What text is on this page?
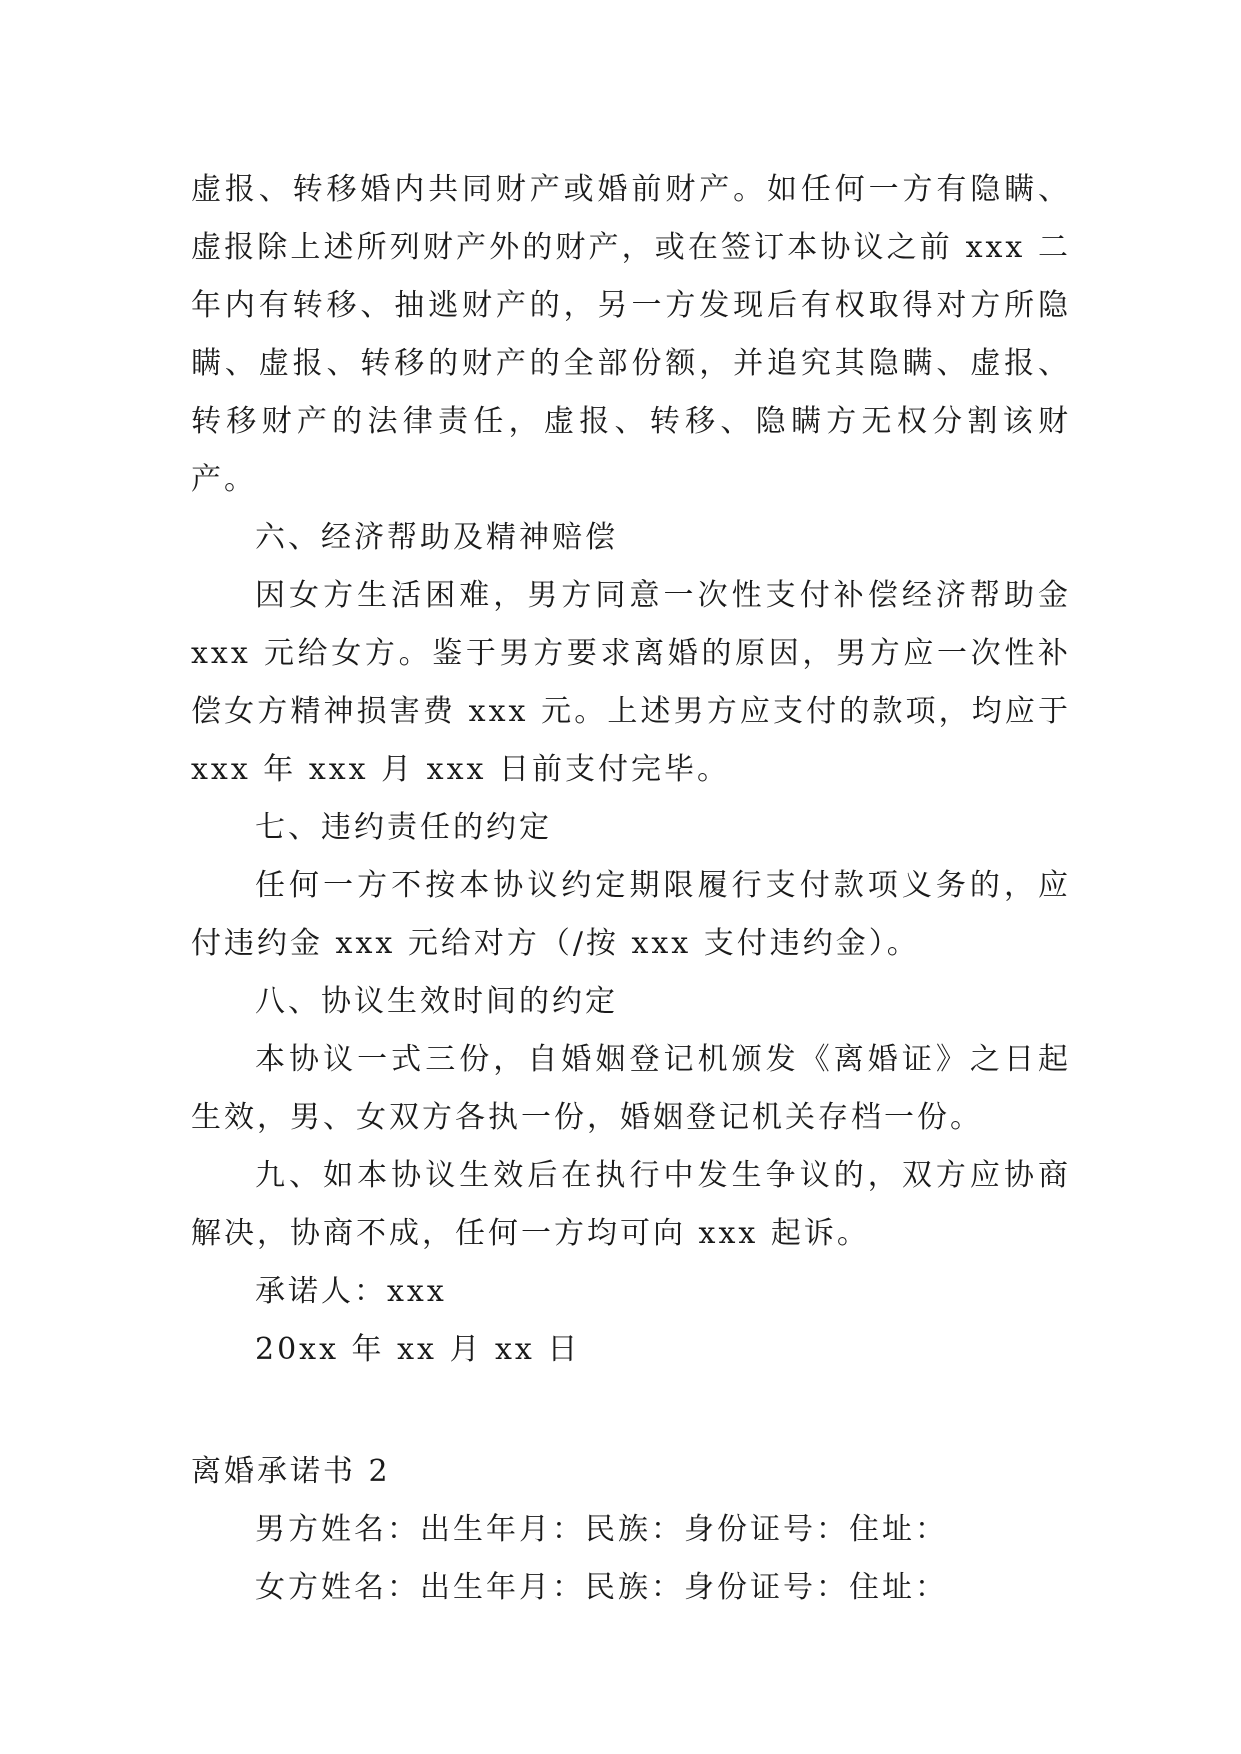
虚报、转移婚内共同财产或婚前财产。如任何一方有隐瞒、虚报除上述所列财产外的财产，或在签订本协议之前 xxx 二年内有转移、抽逃财产的，另一方发现后有权取得对方所隐瞒、虚报、转移的财产的全部份额，并追究其隐瞒、虚报、转移财产的法律责任，虚报、转移、隐瞒方无权分割该财产。

六、经济帮助及精神赔偿

因女方生活困难，男方同意一次性支付补偿经济帮助金 xxx 元给女方。鉴于男方要求离婚的原因，男方应一次性补偿女方精神损害费 xxx 元。上述男方应支付的款项，均应于 xxx 年 xxx 月 xxx 日前支付完毕。

七、违约责任的约定

任何一方不按本协议约定期限履行支付款项义务的，应付违约金 xxx 元给对方（/按 xxx 支付违约金）。

八、协议生效时间的约定

本协议一式三份，自婚姻登记机颁发《离婚证》之日起生效，男、女双方各执一份，婚姻登记机关存档一份。

九、如本协议生效后在执行中发生争议的，双方应协商解决，协商不成，任何一方均可向 xxx 起诉。

承诺人：xxx

20xx 年 xx 月 xx 日

离婚承诺书 2

男方姓名：出生年月：民族：身份证号：住址：

女方姓名：出生年月：民族：身份证号：住址：
